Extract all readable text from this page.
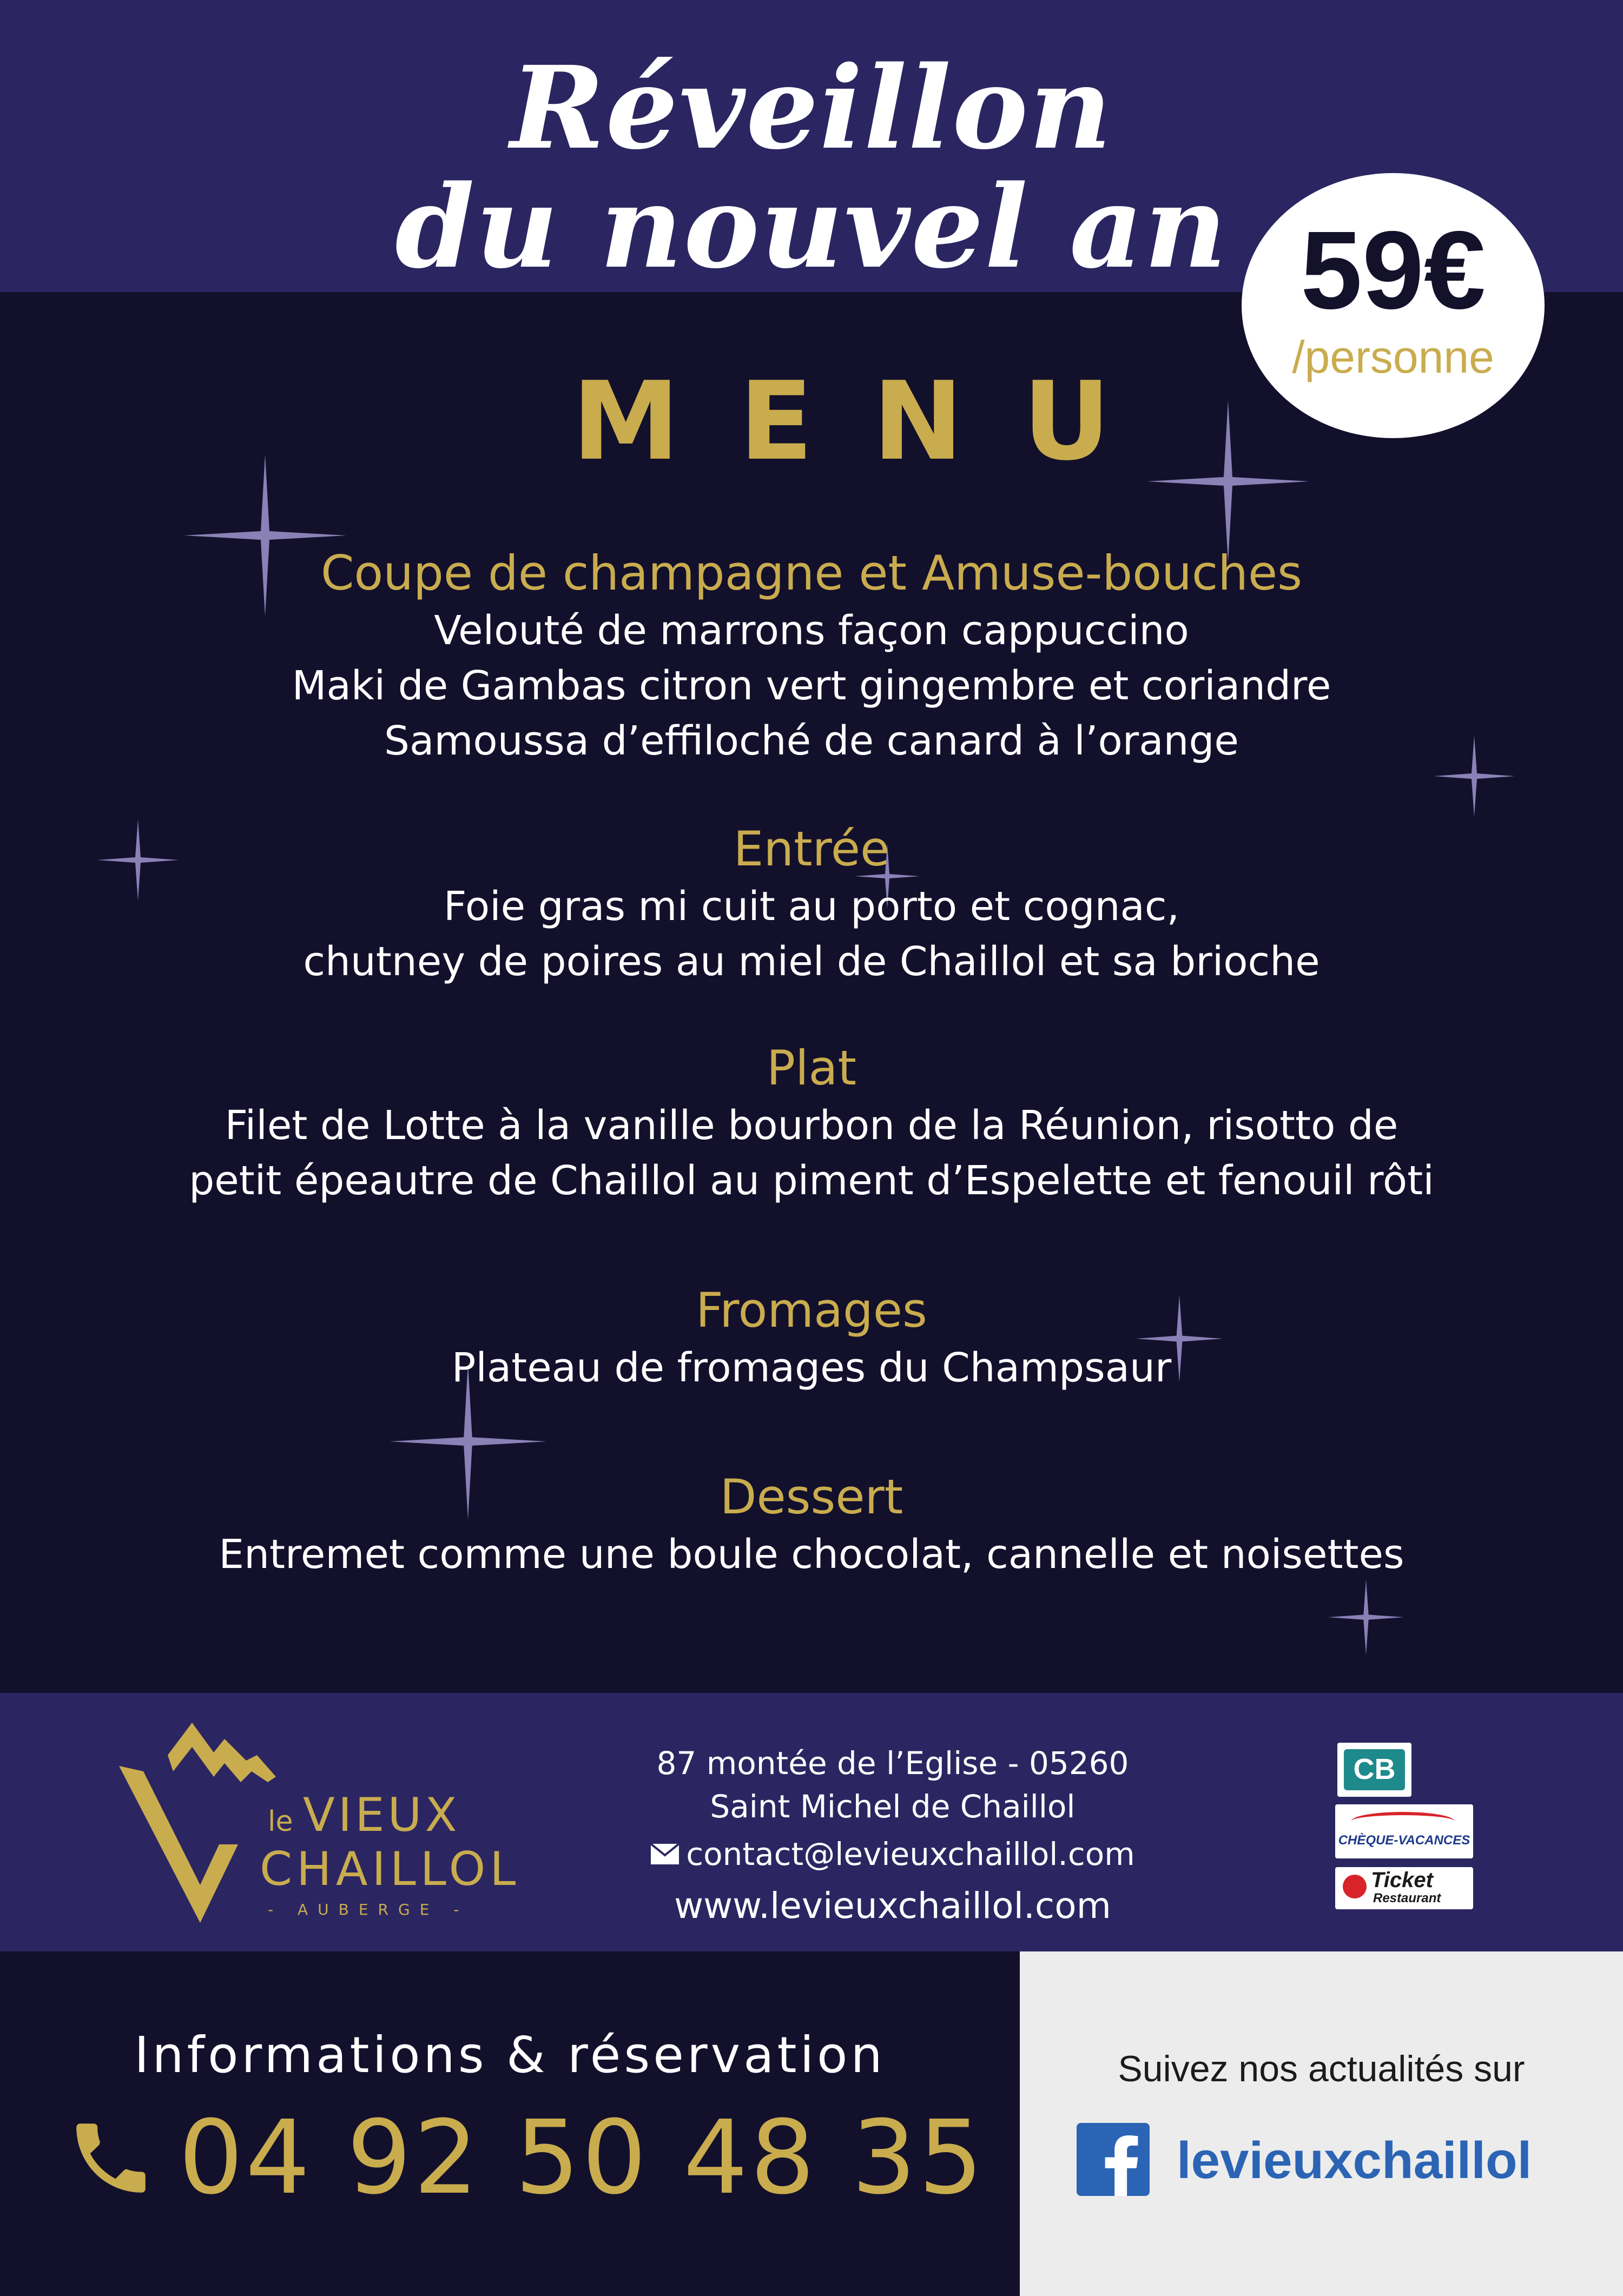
Réveillon
du nouvel an 59€
/personne
MENU
Coupe de champagne et Amuse-bouches
Velouté de marrons façon cappuccino
Maki de Gambas citron vert gingembre et coriandre
Samoussa d’effiloché de canard à l’orange
Entrée
Foie gras mi cuit au porto et cognac,
chutney de poires au miel de Chaillol et sa brioche
Plat
Filet de Lotte à la vanille bourbon de la Réunion, risotto de
petit épeautre de Chaillol au piment d’Espelette et fenouil rôti
Fromages
Plateau de fromages du Champsaur
Dessert
Entremet comme une boule chocolat, cannelle et noisettes
le VIEUX
CHAILLOL
- AUBERGE -
87 montée de l’Eglise - 05260
Saint Michel de Chaillol
contact@levieuxchaillol.com
www.levieuxchaillol.com
CB
CHÈQUE-VACANCES
Ticket
Restaurant
Informations & réservation
04 92 50 48 35
Suivez nos actualités sur
levieuxchaillol
